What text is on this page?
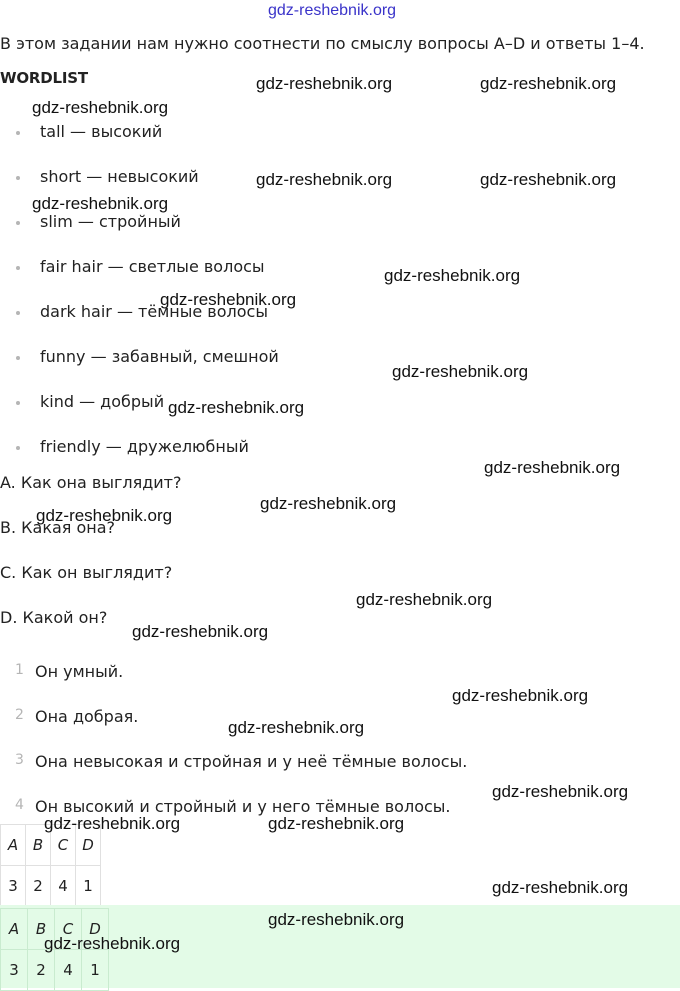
gdz-reshebnik.org
В этом задании нам нужно соотнести по смыслу вопросы A–D и ответы 1–4.
WORDLIST
tall — высокий
short — невысокий
slim — стройный
fair hair — светлые волосы
dark hair — тёмные волосы
funny — забавный, смешной
kind — добрый
friendly — дружелюбный
A. Как она выглядит?
B. Какая она?
C. Как он выглядит?
D. Какой он?
1 Он умный.
2 Она добрая.
3 Она невысокая и стройная и у неё тёмные волосы.
4 Он высокий и стройный и у него тёмные волосы.
A	B	C	D
3	2	4	1
A	B	C	D
3	2	4	1
gdz-reshebnik.org	gdz-reshebnik.org
gdz-reshebnik.org
gdz-reshebnik.org	gdz-reshebnik.org
gdz-reshebnik.org
gdz-reshebnik.org
gdz-reshebnik.org
gdz-reshebnik.org
gdz-reshebnik.org
gdz-reshebnik.org
gdz-reshebnik.org
gdz-reshebnik.org
gdz-reshebnik.org
gdz-reshebnik.org
gdz-reshebnik.org
gdz-reshebnik.org
gdz-reshebnik.org
gdz-reshebnik.org	gdz-reshebnik.org
gdz-reshebnik.org
gdz-reshebnik.org
gdz-reshebnik.org
